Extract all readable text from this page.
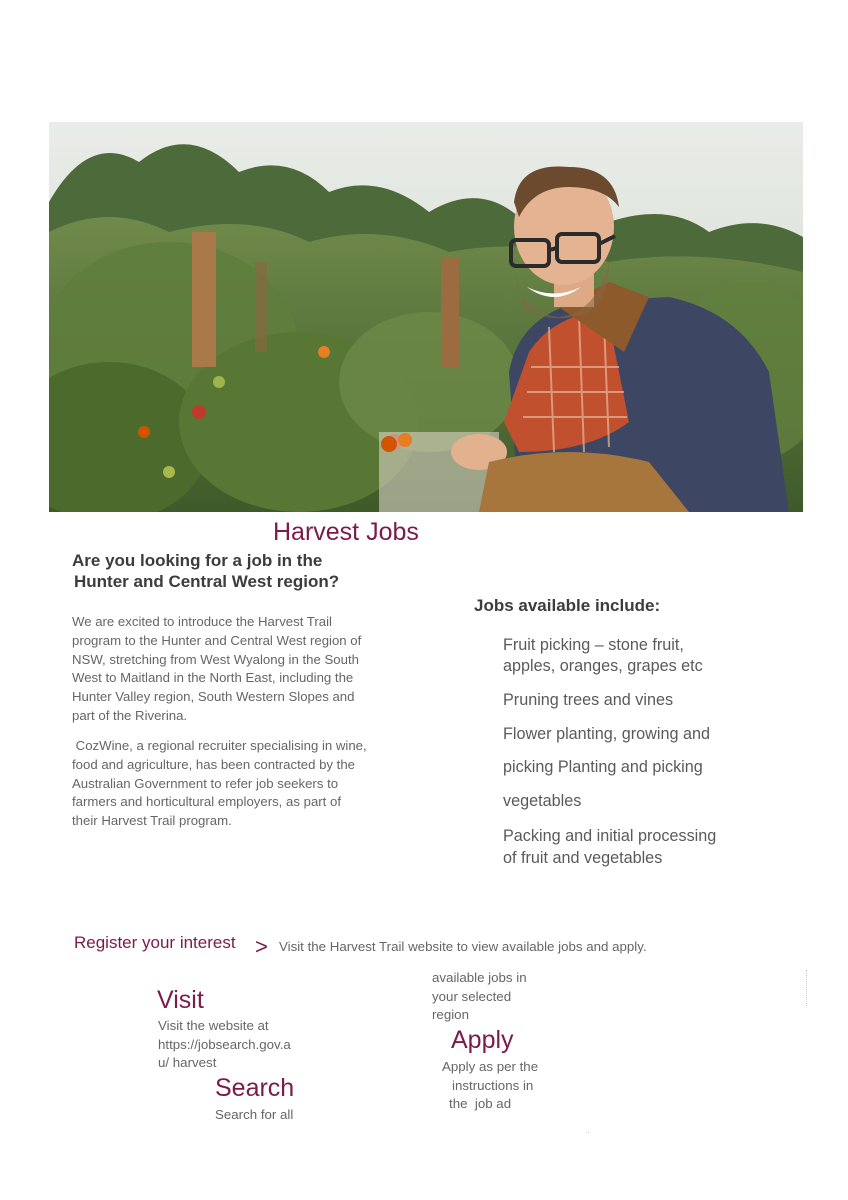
Harvest Jobs
Are you looking for a job in the
Hunter and Central West region?
We are excited to introduce the Harvest Trail
program to the Hunter and Central West region of
NSW, stretching from West Wyalong in the South
West to Maitland in the North East, including the
Hunter Valley region, South Western Slopes and
part of the Riverina.
CozWine, a regional recruiter specialising in wine,
food and agriculture, has been contracted by the
Australian Government to refer job seekers to
farmers and horticultural employers, as part of
their Harvest Trail program.
Jobs available include:
Fruit picking – stone fruit,
apples, oranges, grapes etc
Pruning trees and vines
Flower planting, growing and
picking Planting and picking
vegetables
Packing and initial processing
of fruit and vegetables
Register your interest > Visit the Harvest Trail website to view available jobs and apply.
Visit
Visit the website at
https://jobsearch.gov.a
u/ harvest
Search
Search for all
available jobs in
your selected
region
Apply
Apply as per the
instructions in
the  job ad
